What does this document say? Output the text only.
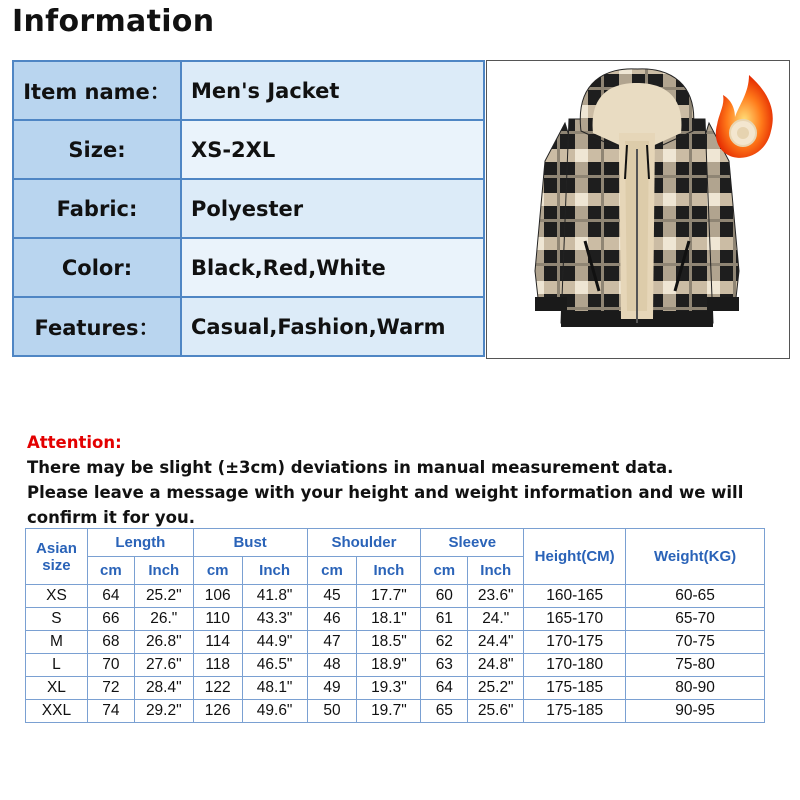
Information
Item name：	Men's Jacket
Size:	XS-2XL
Fabric:	Polyester
Color:	Black,Red,White
Features：	Casual,Fashion,Warm
Attention:
There may be slight (±3cm) deviations in manual measurement data.
Please leave a message with your height and weight information and we will confirm it for you.
Asian size	Length		Bust		Shoulder		Sleeve		Height(CM)	Weight(KG)
	cm	Inch	cm	Inch	cm	Inch	cm	Inch		
XS	64	25.2"	106	41.8"	45	17.7"	60	23.6"	160-165	60-65
S	66	26."	110	43.3"	46	18.1"	61	24."	165-170	65-70
M	68	26.8"	114	44.9"	47	18.5"	62	24.4"	170-175	70-75
L	70	27.6"	118	46.5"	48	18.9"	63	24.8"	170-180	75-80
XL	72	28.4"	122	48.1"	49	19.3"	64	25.2"	175-185	80-90
XXL	74	29.2"	126	49.6"	50	19.7"	65	25.6"	175-185	90-95
